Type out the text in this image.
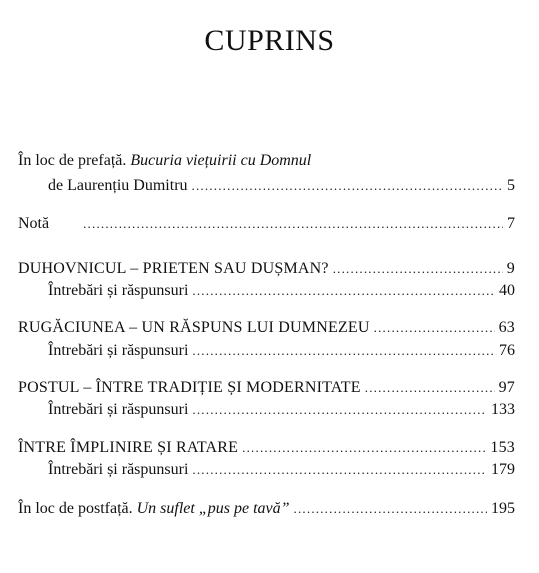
CUPRINS
În loc de prefață. Bucuria viețuirii cu Domnul
de Laurențiu Dumitru .....	5
Notă .....	7
DUHOVNICUL – PRIETEN SAU DUȘMAN? .....	9
Întrebări și răspunsuri .....	40
RUGĂCIUNEA – UN RĂSPUNS LUI DUMNEZEU .....	63
Întrebări și răspunsuri .....	76
POSTUL – ÎNTRE TRADIȚIE ȘI MODERNITATE .....	97
Întrebări și răspunsuri .....	133
ÎNTRE ÎMPLINIRE ȘI RATARE .....	153
Întrebări și răspunsuri .....	179
În loc de postfață. Un suflet „pus pe tavă” .....	195
